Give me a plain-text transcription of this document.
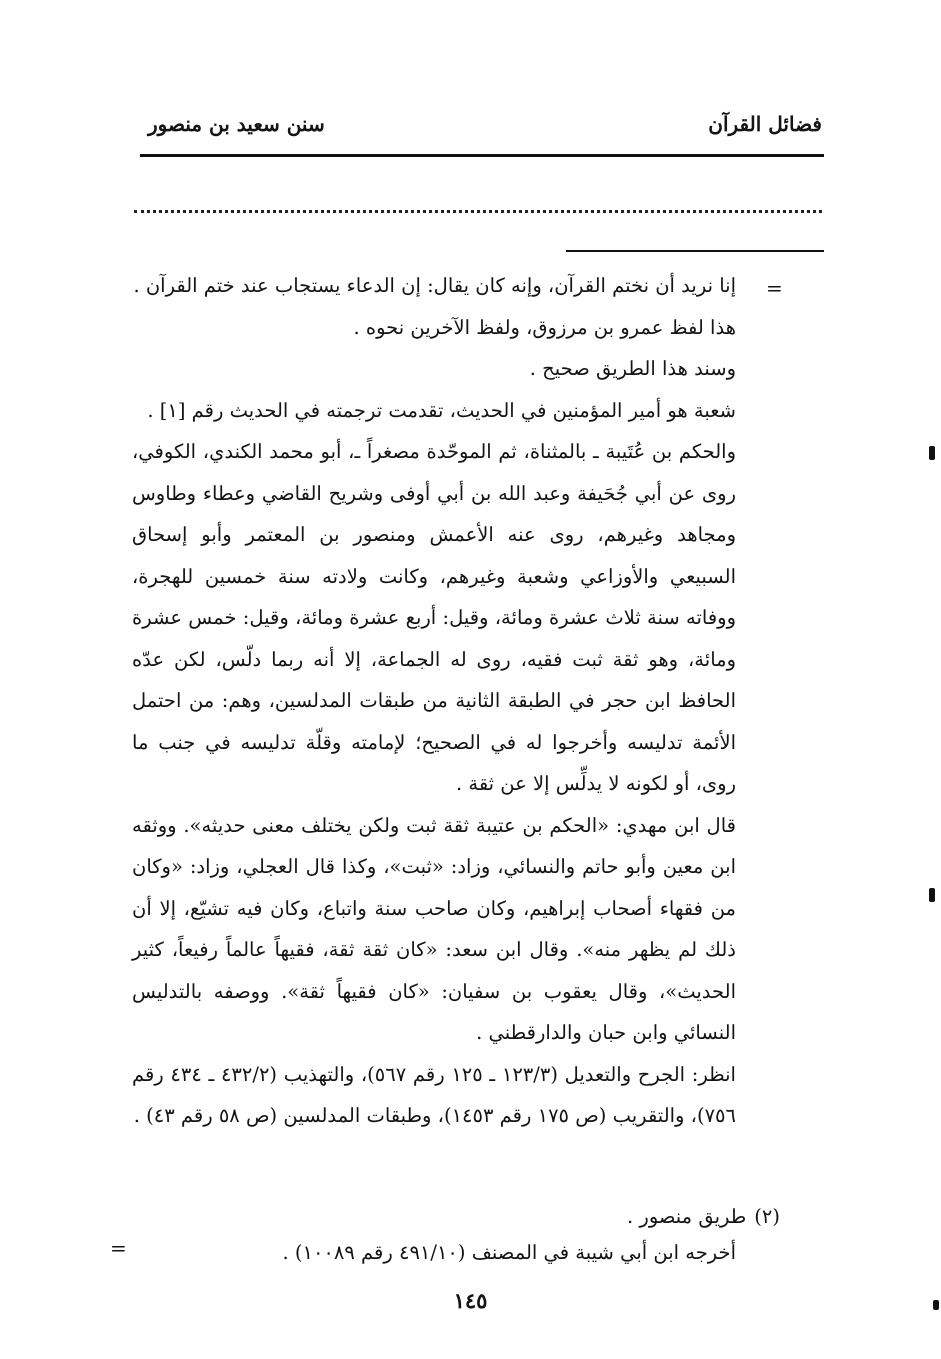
فضائل القرآن
سنن سعيد بن منصور
=

إنا نريد أن نختم القرآن، وإنه كان يقال: إن الدعاء يستجاب عند ختم القرآن .

هذا لفظ عمرو بن مرزوق، ولفظ الآخرين نحوه .

وسند هذا الطريق صحيح .

شعبة هو أمير المؤمنين في الحديث، تقدمت ترجمته في الحديث رقم [١] .

والحكم بن عُتَيبة ـ بالمثناة، ثم الموحّدة مصغراً ـ، أبو محمد الكندي، الكوفي، روى عن أبي جُحَيفة وعبد الله بن أبي أوفى وشريح القاضي وعطاء وطاوس ومجاهد وغيرهم، روى عنه الأعمش ومنصور بن المعتمر وأبو إسحاق السبيعي والأوزاعي وشعبة وغيرهم، وكانت ولادته سنة خمسين للهجرة، ووفاته سنة ثلاث عشرة ومائة، وقيل: أربع عشرة ومائة، وقيل: خمس عشرة ومائة، وهو ثقة ثبت فقيه، روى له الجماعة، إلا أنه ربما دلّس، لكن عدّه الحافظ ابن حجر في الطبقة الثانية من طبقات المدلسين، وهم: من احتمل الأئمة تدليسه وأخرجوا له في الصحيح؛ لإمامته وقلّة تدليسه في جنب ما روى، أو لكونه لا يدلِّس إلا عن ثقة .

قال ابن مهدي: «الحكم بن عتيبة ثقة ثبت ولكن يختلف معنى حديثه». ووثقه ابن معين وأبو حاتم والنسائي، وزاد: «ثبت»، وكذا قال العجلي، وزاد: «وكان من فقهاء أصحاب إبراهيم، وكان صاحب سنة واتباع، وكان فيه تشيّع، إلا أن ذلك لم يظهر منه». وقال ابن سعد: «كان ثقة ثقة، فقيهاً عالماً رفيعاً، كثير الحديث»، وقال يعقوب بن سفيان: «كان فقيهاً ثقة». ووصفه بالتدليس النسائي وابن حبان والدارقطني .

انظر: الجرح والتعديل (١٢٣/٣ ـ ١٢٥ رقم ٥٦٧)، والتهذيب (٤٣٢/٢ ـ ٤٣٤ رقم ٧٥٦)، والتقريب (ص ١٧٥ رقم ١٤٥٣)، وطبقات المدلسين (ص ٥٨ رقم ٤٣) .

(٢)طريق منصور .
أخرجه ابن أبي شيبة في المصنف (٤٩١/١٠ رقم ١٠٠٨٩) .
=
١٤٥
